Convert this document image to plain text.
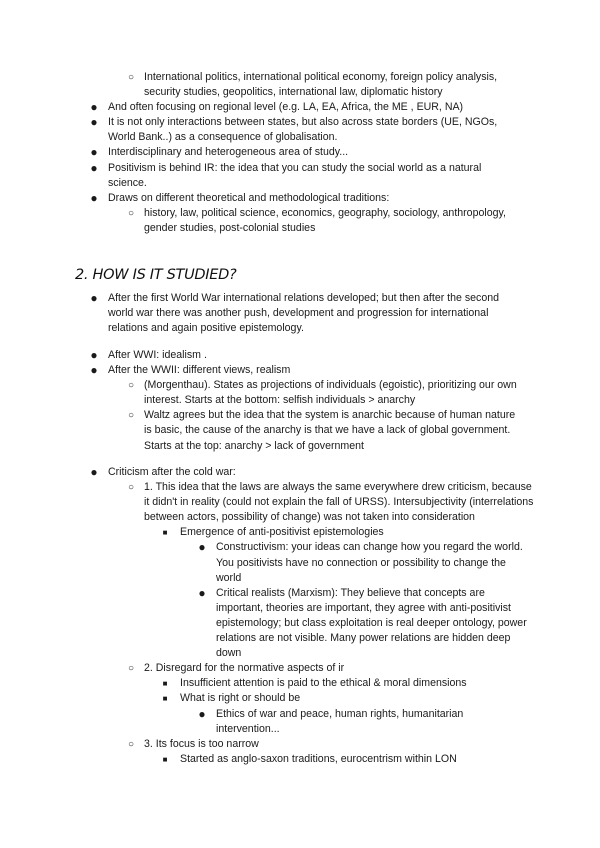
○ International politics, international political economy, foreign policy analysis, security studies, geopolitics, international law, diplomatic history
● And often focusing on regional level (e.g. LA, EA, Africa, the ME , EUR, NA)
● It is not only interactions between states, but also across state borders (UE, NGOs, World Bank..) as a consequence of globalisation.
● Interdisciplinary and heterogeneous area of study...
● Positivism is behind IR: the idea that you can study the social world as a natural science.
● Draws on different theoretical and methodological traditions:
○ history, law, political science, economics, geography, sociology, anthropology, gender studies, post-colonial studies
2. HOW IS IT STUDIED?
● After the first World War international relations developed; but then after the second world war there was another push, development and progression for international relations and again positive epistemology.
● After WWI: idealism .
● After the WWII: different views, realism
○ (Morgenthau). States as projections of individuals (egoistic), prioritizing our own interest. Starts at the bottom: selfish individuals > anarchy
○ Waltz agrees but the idea that the system is anarchic because of human nature is basic, the cause of the anarchy is that we have a lack of global government. Starts at the top: anarchy > lack of government
● Criticism after the cold war:
○ 1. This idea that the laws are always the same everywhere drew criticism, because it didn't in reality (could not explain the fall of URSS). Intersubjectivity (interrelations between actors, possibility of change) was not taken into consideration
■ Emergence of anti-positivist epistemologies
● Constructivism: your ideas can change how you regard the world. You positivists have no connection or possibility to change the world
● Critical realists (Marxism): They believe that concepts are important, theories are important, they agree with anti-positivist epistemology; but class exploitation is real deeper ontology, power relations are not visible. Many power relations are hidden deep down
○ 2. Disregard for the normative aspects of ir
■ Insufficient attention is paid to the ethical & moral dimensions
■ What is right or should be
● Ethics of war and peace, human rights, humanitarian intervention...
○ 3. Its focus is too narrow
■ Started as anglo-saxon traditions, eurocentrism within LON
